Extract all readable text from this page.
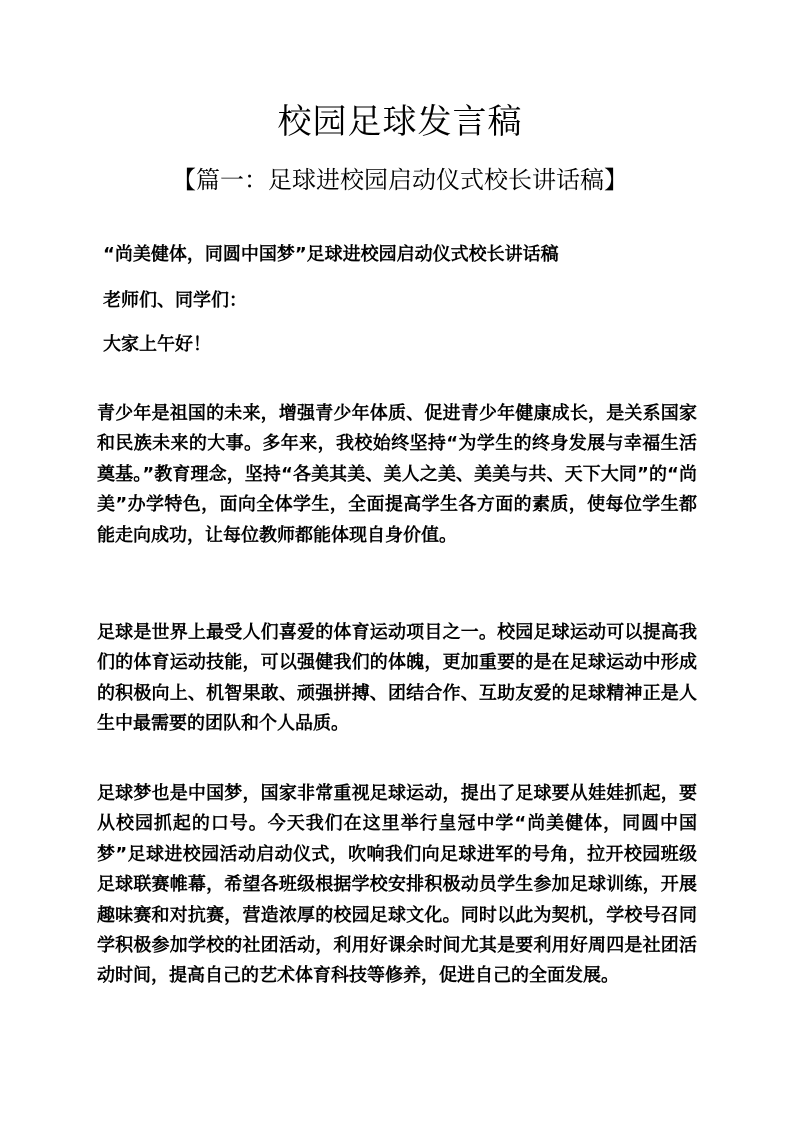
校园足球发言稿
【篇一：足球进校园启动仪式校长讲话稿】

“尚美健体，同圆中国梦”足球进校园启动仪式校长讲话稿

老师们、同学们：

大家上午好！

青少年是祖国的未来，增强青少年体质、促进青少年健康成长，是关系国家和民族未来的大事。多年来，我校始终坚持“为学生的终身发展与幸福生活奠基。”教育理念，坚持“各美其美、美人之美、美美与共、天下大同”的“尚美”办学特色，面向全体学生，全面提高学生各方面的素质，使每位学生都能走向成功，让每位教师都能体现自身价值。

足球是世界上最受人们喜爱的体育运动项目之一。校园足球运动可以提高我们的体育运动技能，可以强健我们的体魄，更加重要的是在足球运动中形成的积极向上、机智果敢、顽强拼搏、团结合作、互助友爱的足球精神正是人生中最需要的团队和个人品质。

足球梦也是中国梦，国家非常重视足球运动，提出了足球要从娃娃抓起，要从校园抓起的口号。今天我们在这里举行皇冠中学“尚美健体，同圆中国梦”足球进校园活动启动仪式，吹响我们向足球进军的号角，拉开校园班级足球联赛帷幕，希望各班级根据学校安排积极动员学生参加足球训练，开展趣味赛和对抗赛，营造浓厚的校园足球文化。同时以此为契机，学校号召同学积极参加学校的社团活动，利用好课余时间尤其是要利用好周四是社团活动时间，提高自己的艺术体育科技等修养，促进自己的全面发展。
